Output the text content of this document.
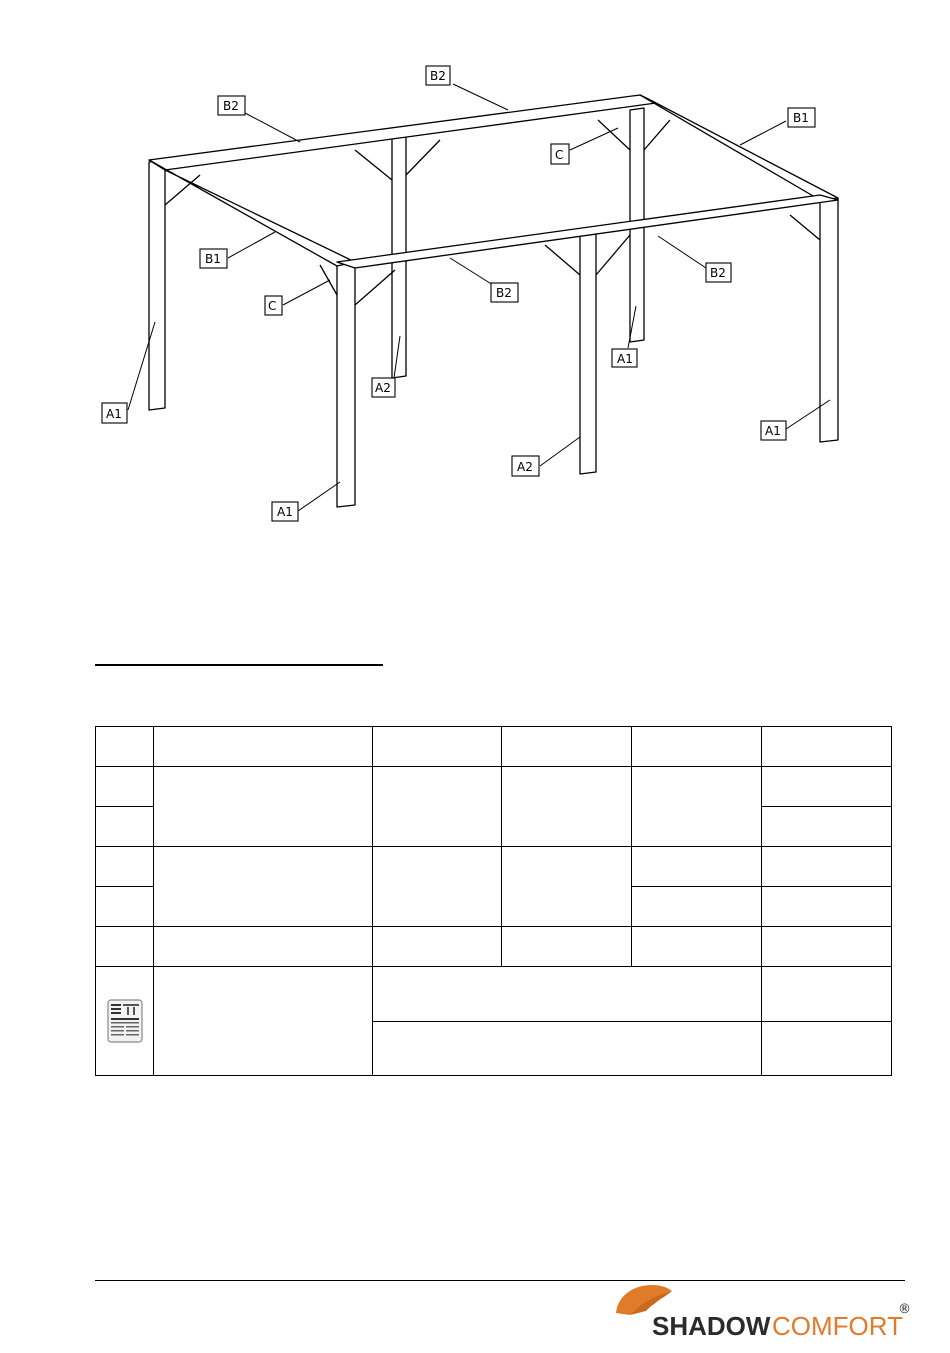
B2
B2
B1
C
B1
C
B2
B2
A1
A2
A1
A1
A2
A1

SHADOW COMFORT
®
